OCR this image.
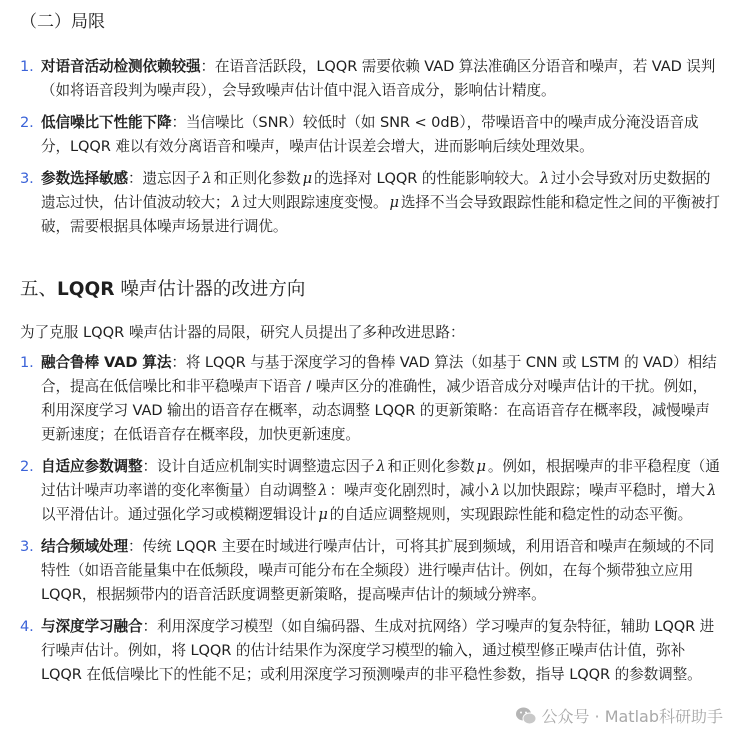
（二）局限
1. 对语音活动检测依赖较强：在语音活跃段，LQQR 需要依赖 VAD 算法准确区分语音和噪声，若 VAD 误判（如将语音段判为噪声段），会导致噪声估计值中混入语音成分，影响估计精度。
2. 低信噪比下性能下降：当信噪比（SNR）较低时（如 SNR < 0dB），带噪语音中的噪声成分淹没语音成分，LQQR 难以有效分离语音和噪声，噪声估计误差会增大，进而影响后续处理效果。
3. 参数选择敏感：遗忘因子 λ 和正则化参数 μ 的选择对 LQQR 的性能影响较大。 λ 过小会导致对历史数据的遗忘过快，估计值波动较大； λ 过大则跟踪速度变慢。 μ 选择不当会导致跟踪性能和稳定性之间的平衡被打破，需要根据具体噪声场景进行调优。
五、LQQR 噪声估计器的改进方向

为了克服 LQQR 噪声估计器的局限，研究人员提出了多种改进思路：

1. 融合鲁棒 VAD 算法：将 LQQR 与基于深度学习的鲁棒 VAD 算法（如基于 CNN 或 LSTM 的 VAD）相结合，提高在低信噪比和非平稳噪声下语音 / 噪声区分的准确性，减少语音成分对噪声估计的干扰。例如，利用深度学习 VAD 输出的语音存在概率，动态调整 LQQR 的更新策略：在高语音存在概率段，减慢噪声更新速度；在低语音存在概率段，加快更新速度。
2. 自适应参数调整：设计自适应机制实时调整遗忘因子 λ 和正则化参数 μ 。例如，根据噪声的非平稳程度（通过估计噪声功率谱的变化率衡量）自动调整 λ ：噪声变化剧烈时，减小 λ 以加快跟踪；噪声平稳时，增大 λ以平滑估计。通过强化学习或模糊逻辑设计 μ 的自适应调整规则，实现跟踪性能和稳定性的动态平衡。
3. 结合频域处理：传统 LQQR 主要在时域进行噪声估计，可将其扩展到频域，利用语音和噪声在频域的不同特性（如语音能量集中在低频段，噪声可能分布在全频段）进行噪声估计。例如，在每个频带独立应用 LQQR，根据频带内的语音活跃度调整更新策略，提高噪声估计的频域分辨率。
4. 与深度学习融合：利用深度学习模型（如自编码器、生成对抗网络）学习噪声的复杂特征，辅助 LQQR 进行噪声估计。例如，将 LQQR 的估计结果作为深度学习模型的输入，通过模型修正噪声估计值，弥补 LQQR 在低信噪比下的性能不足；或利用深度学习预测噪声的非平稳性参数，指导 LQQR 的参数调整。
公众号 · Matlab科研助手
